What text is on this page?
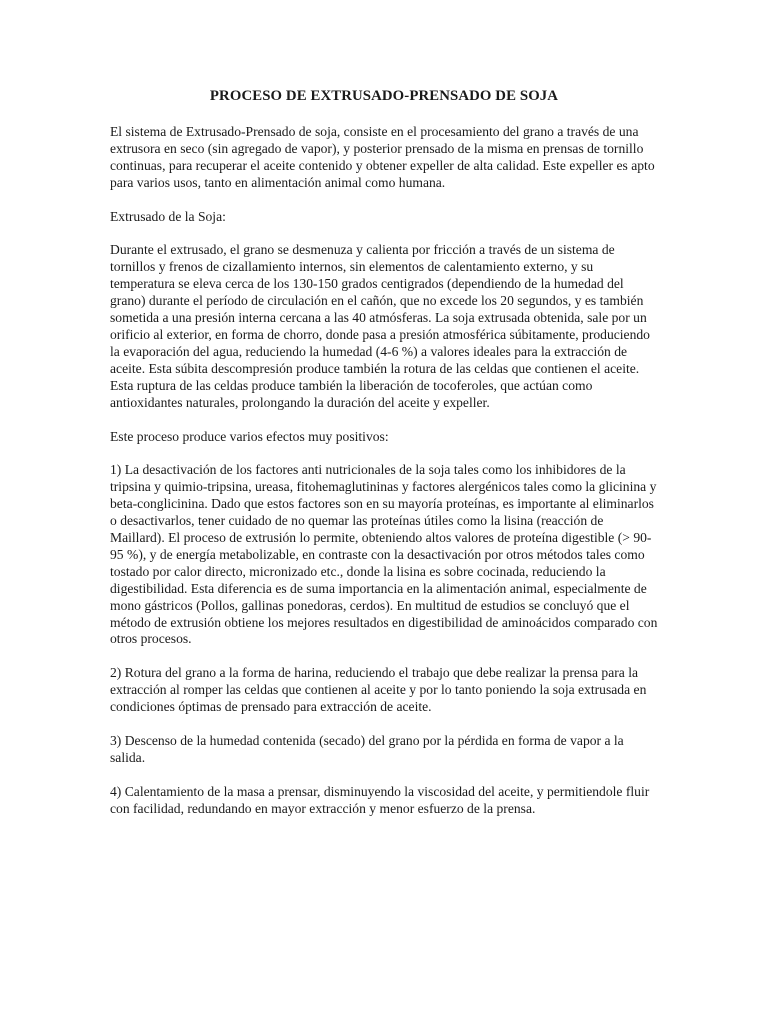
PROCESO DE EXTRUSADO-PRENSADO DE SOJA

El sistema de Extrusado-Prensado de soja, consiste en el procesamiento del grano a través de una extrusora en seco (sin agregado de vapor), y posterior prensado de la misma en prensas de tornillo continuas, para recuperar el aceite contenido y obtener expeller de alta calidad. Este expeller es apto para varios usos, tanto en alimentación animal como humana.

Extrusado de la Soja:

Durante el extrusado, el grano se desmenuza y calienta por fricción a través de un sistema de tornillos y frenos de cizallamiento internos, sin elementos de calentamiento externo, y su temperatura se eleva cerca de los 130-150 grados centigrados (dependiendo de la humedad del grano) durante el período de circulación en el cañón, que no excede los 20 segundos, y es también sometida a una presión interna cercana a las 40 atmósferas. La soja extrusada obtenida, sale por un orificio al exterior, en forma de chorro, donde pasa a presión atmosférica súbitamente, produciendo la evaporación del agua, reduciendo la humedad (4-6 %) a valores ideales para la extracción de aceite. Esta súbita descompresión produce también la rotura de las celdas que contienen el aceite. Esta ruptura de las celdas produce también la liberación de tocoferoles, que actúan como antioxidantes naturales, prolongando la duración del aceite y expeller.

Este proceso produce varios efectos muy positivos:

1) La desactivación de los factores anti nutricionales de la soja tales como los inhibidores de la tripsina y quimio-tripsina, ureasa, fitohemaglutininas y factores alergénicos tales como la glicinina y beta-conglicinina. Dado que estos factores son en su mayoría proteínas, es importante al eliminarlos o desactivarlos, tener cuidado de no quemar las proteínas útiles como la lisina (reacción de Maillard). El proceso de extrusión lo permite, obteniendo altos valores de proteína digestible (> 90-95 %), y de energía metabolizable, en contraste con la desactivación por otros métodos tales como tostado por calor directo, micronizado etc., donde la lisina es sobre cocinada, reduciendo la digestibilidad. Esta diferencia es de suma importancia en la alimentación animal, especialmente de mono gástricos (Pollos, gallinas ponedoras, cerdos). En multitud de estudios se concluyó que el método de extrusión obtiene los mejores resultados en digestibilidad de aminoácidos comparado con otros procesos.

2) Rotura del grano a la forma de harina, reduciendo el trabajo que debe realizar la prensa para la extracción al romper las celdas que contienen al aceite y por lo tanto poniendo la soja extrusada en condiciones óptimas de prensado para extracción de aceite.

3) Descenso de la humedad contenida (secado) del grano por la pérdida en forma de vapor a la salida.

4) Calentamiento de la masa a prensar, disminuyendo la viscosidad del aceite, y permitiendole fluir con facilidad, redundando en mayor extracción y menor esfuerzo de la prensa.
